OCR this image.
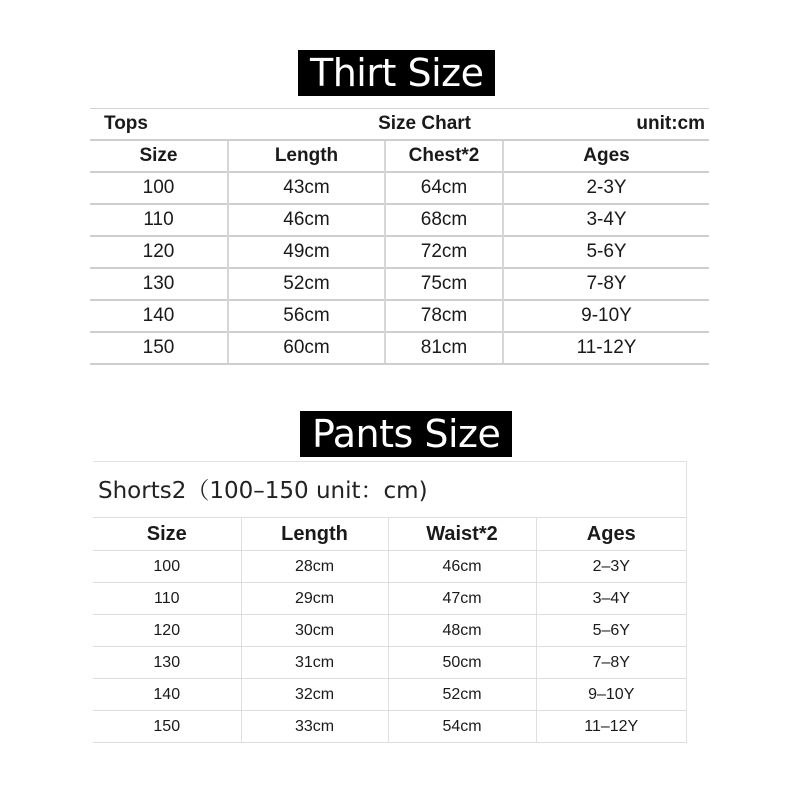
Thirt Size
Tops	Size Chart		unit:cm
Size	Length	Chest*2	Ages
100	43cm	64cm	2-3Y
110	46cm	68cm	3-4Y
120	49cm	72cm	5-6Y
130	52cm	75cm	7-8Y
140	56cm	78cm	9-10Y
150	60cm	81cm	11-12Y
Pants Size
Shorts2（100–150 unit：cm)
Size	Length	Waist*2	Ages
100	28cm	46cm	2–3Y
110	29cm	47cm	3–4Y
120	30cm	48cm	5–6Y
130	31cm	50cm	7–8Y
140	32cm	52cm	9–10Y
150	33cm	54cm	11–12Y
